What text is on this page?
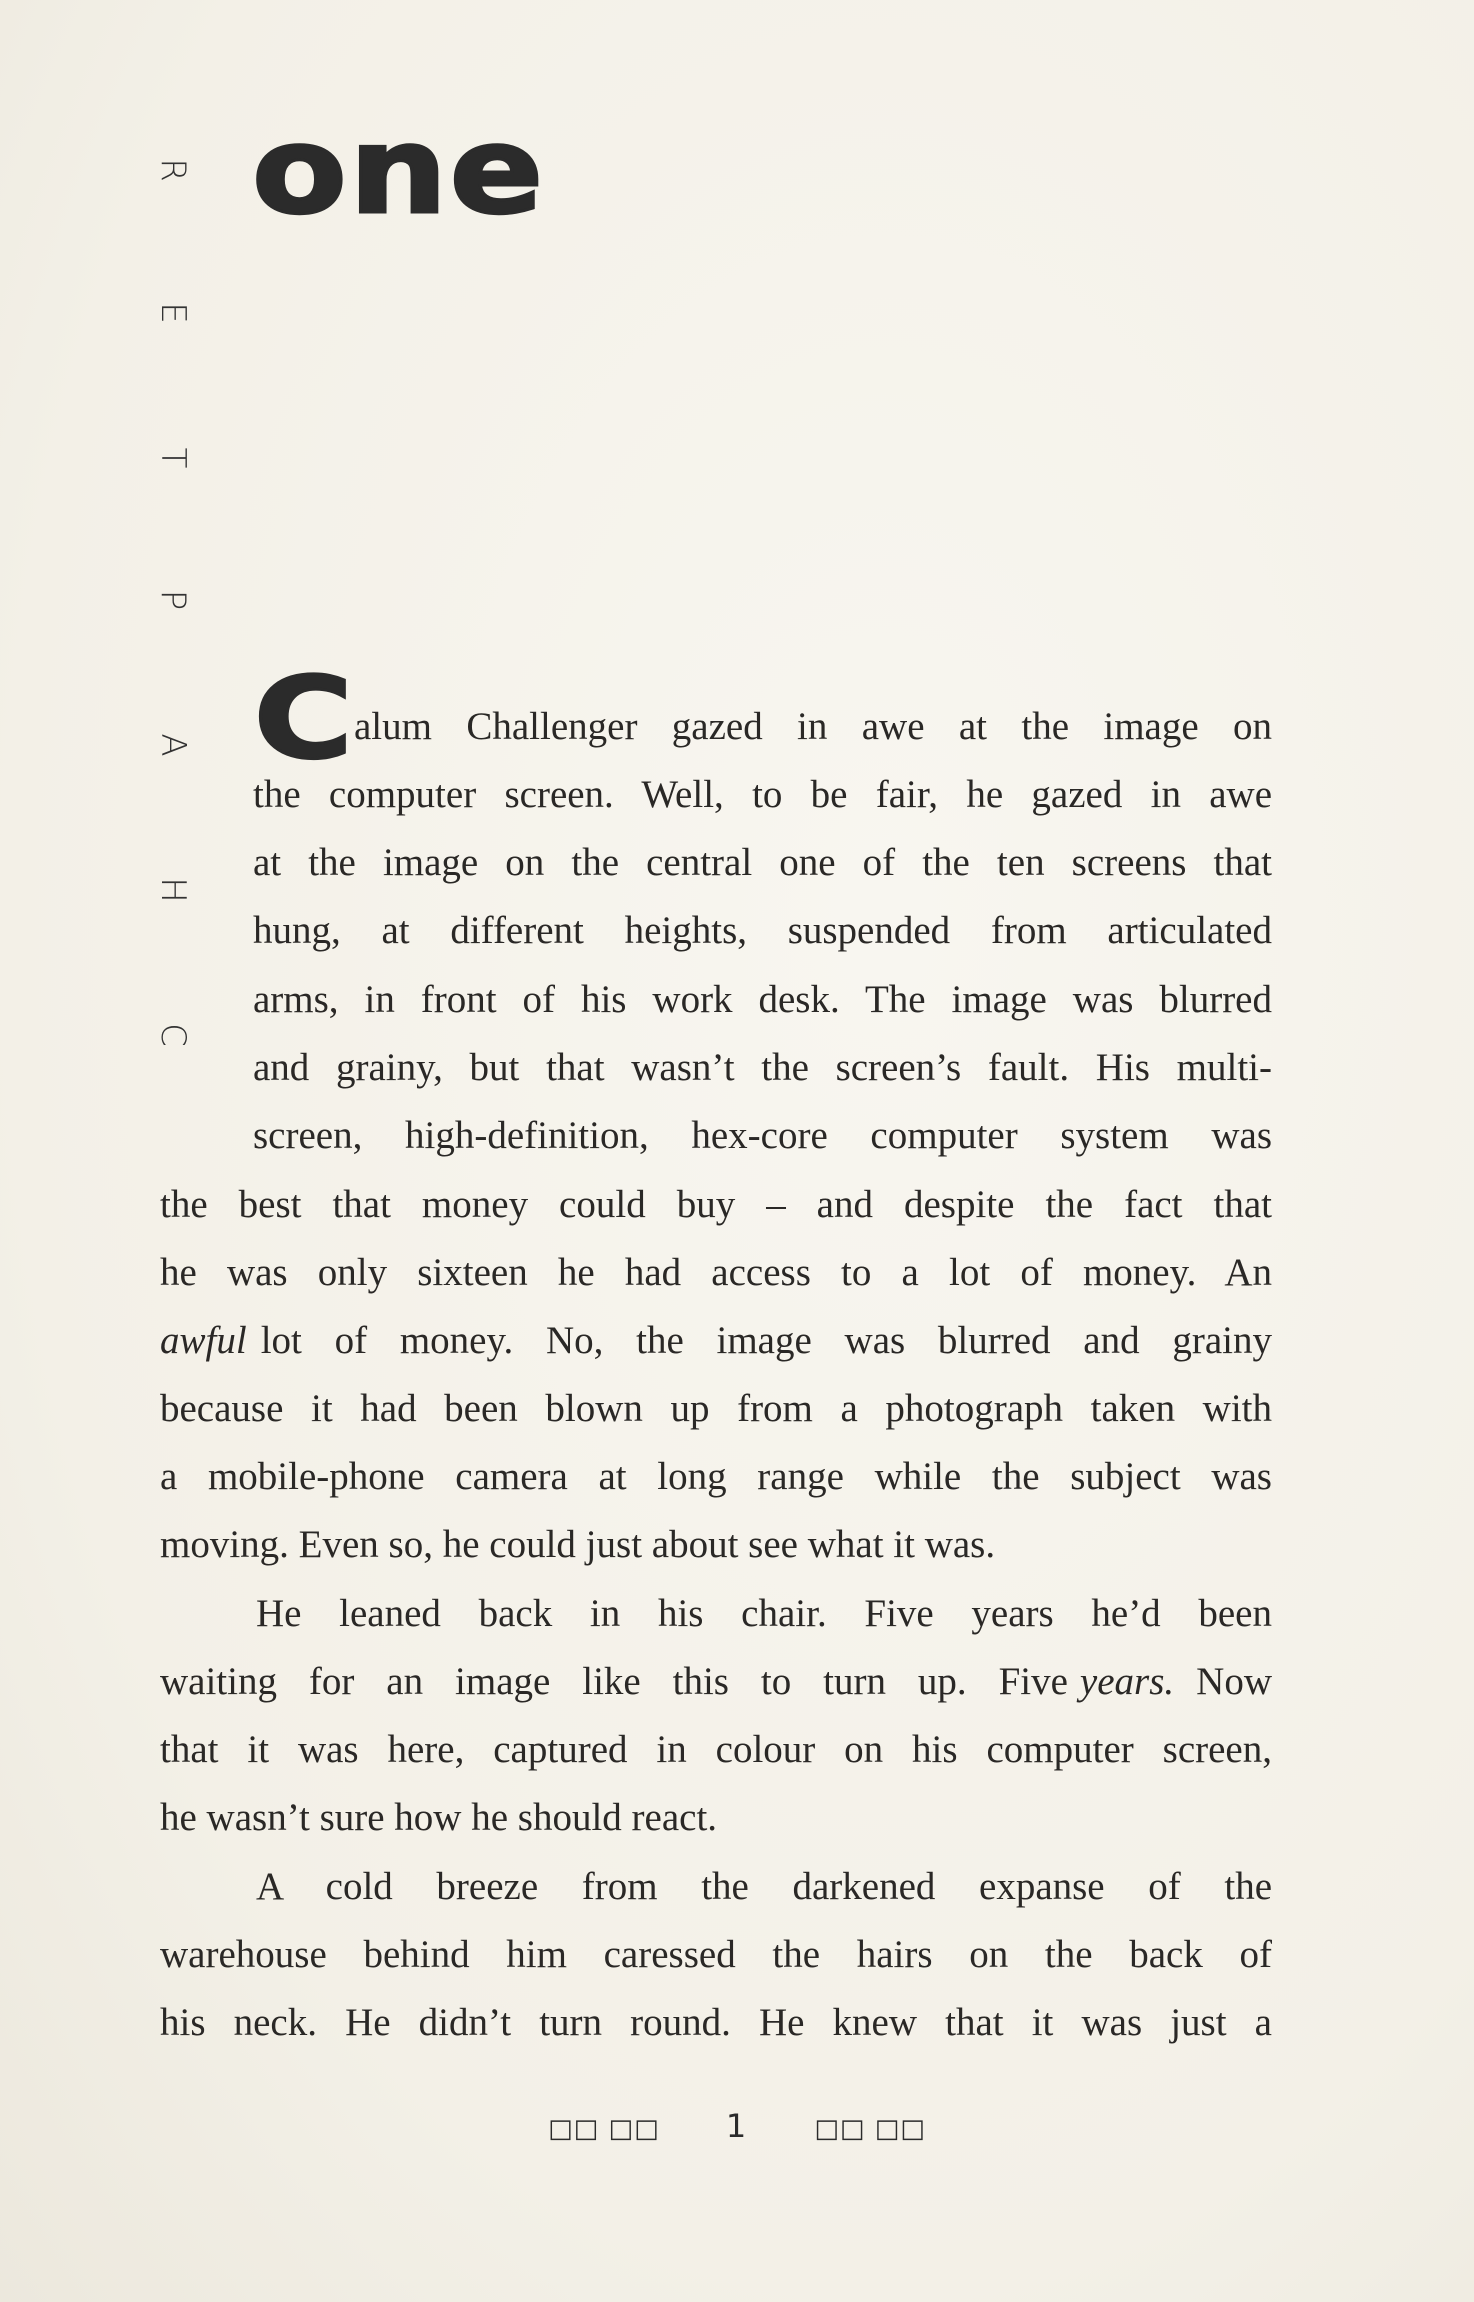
R
E
T
P
A
H
C
one
C alum Challenger gazed in awe at the image on
the computer screen. Well, to be fair, he gazed in awe
at the image on the central one of the ten screens that
hung, at different heights, suspended from articulated
arms, in front of his work desk. The image was blurred
and grainy, but that wasn’t the screen’s fault. His multi-
screen, high-definition, hex-core computer system was
the best that money could buy – and despite the fact that
he was only sixteen he had access to a lot of money. An
awful lot of money. No, the image was blurred and grainy
because it had been blown up from a photograph taken with
a mobile-phone camera at long range while the subject was
moving. Even so, he could just about see what it was.
He leaned back in his chair. Five years he’d been
waiting for an image like this to turn up. Five years. Now
that it was here, captured in colour on his computer screen,
he wasn’t sure how he should react.
A cold breeze from the darkened expanse of the
warehouse behind him caressed the hairs on the back of
his neck. He didn’t turn round. He knew that it was just a
□□ □□ 1	□□ □□
